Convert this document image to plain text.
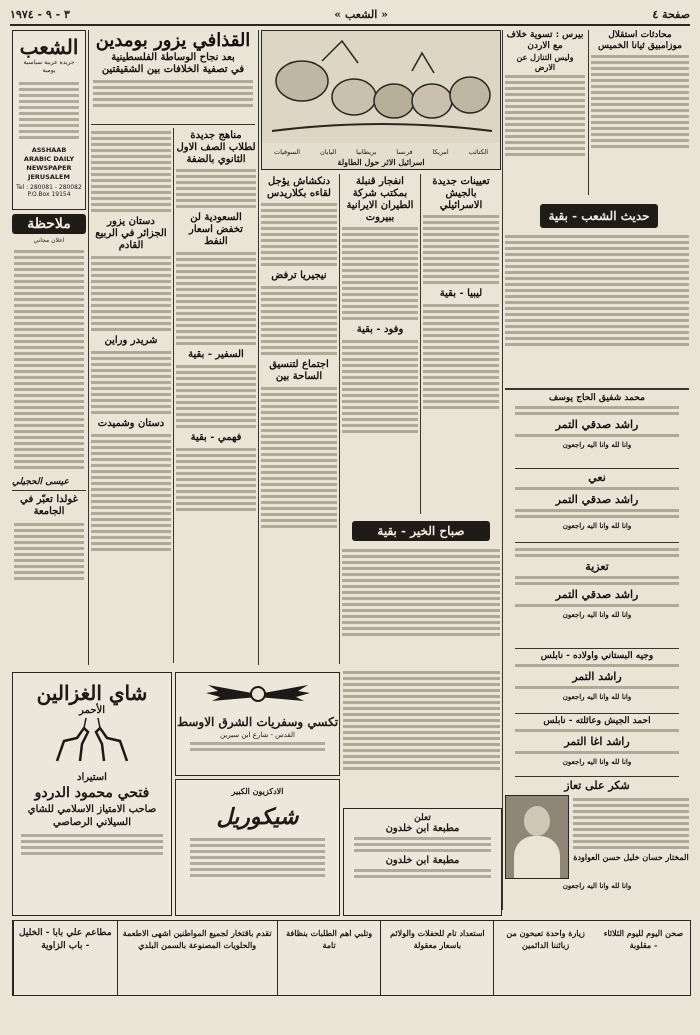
٣ - ٩ - ١٩٧٤	« الشعب »	صفحة ٤
الشعب
جريدة عربية سياسية يومية
ASSHAAB ARABIC DAILY NEWSPAPER JERUSALEM
Tel : 280081 - 280082
P.O.Box 19154
ملاحظة
اعلان مجاني
عيسى الحجيلي
غولدا تعبّر في الجامعة
القذافي يزور بومدين
بعد نجاح الوساطة الفلسطينية
في تصفية الخلافات بين الشقيقتين
دستان يزور الجزائر في الربيع القادم
شريدر وراين
دستان وشميدت
مناهج جديدة لطلاب الصف الاول الثانوي بالضفة
السعودية لن تخفض اسعار النفط
السفير - بقية
فهمي - بقية
الكتائب
امريكا
فرنسا
بريطانيا
اليابان
السوفيات
اسرائيل الاثر حول الطاولة
دنكشاش يؤجل لقاءه بكلاريدس
نيجيريا ترفض
اجتماع لتنسيق الساحة بين
انفجار قنبلة بمكتب شركة الطيران الايرانية ببيروت
وفود - بقية
تعيينات جديدة بالجيش الاسرائيلي
ليبيا - بقية
صباح الخير - بقية
بيرس : تسوية خلاف مع الاردن
وليس التنازل عن الارض
محادثات استقلال موزامبيق ثيانا الخميس
حديث الشعب - بقية
محمد شفيق الحاج يوسف
راشد صدقي التمر
وانا لله وانا اليه راجعون
نعي
راشد صدقي التمر
وانا لله وانا اليه راجعون
تعزية
راشد صدقي التمر
وانا لله وانا اليه راجعون
وجيه البستاني واولاده - نابلس
راشد التمر
وانا لله وانا اليه راجعون
احمد الجيش وعائلته - نابلس
راشد اغا التمر
وانا لله وانا اليه راجعون
شكر على تعاز
المختار حسان خليل حسن العواودة
وانا لله وانا اليه راجعون
شاي الغزالين
الأحمر
استيراد
فتحي محمود الدردو
صاحب الامتياز الاسلامي للشاي السيلاني الرصاصي
تكسي وسفريات الشرق الاوسط
القدس - شارع ابن سيرين
الادكزيون الكبير
شيكوريل	تعلن
مطبعة ابن خلدون
مطبعة ابن خلدون
مطاعم علي بابا - الخليل - باب الزاوية
تقدم باقتخار لجميع المواطنين اشهى الاطعمة والحلويات المصنوعة بالسمن البلدي
وتلبي اهم الطلبات بنظافة تامة
استعداد تام للحفلات والولائم باسعار معقولة
زيارة واحدة تعبحون من زبائننا الدائمين
صحن اليوم لليوم الثلاثاء - مقلوبة
